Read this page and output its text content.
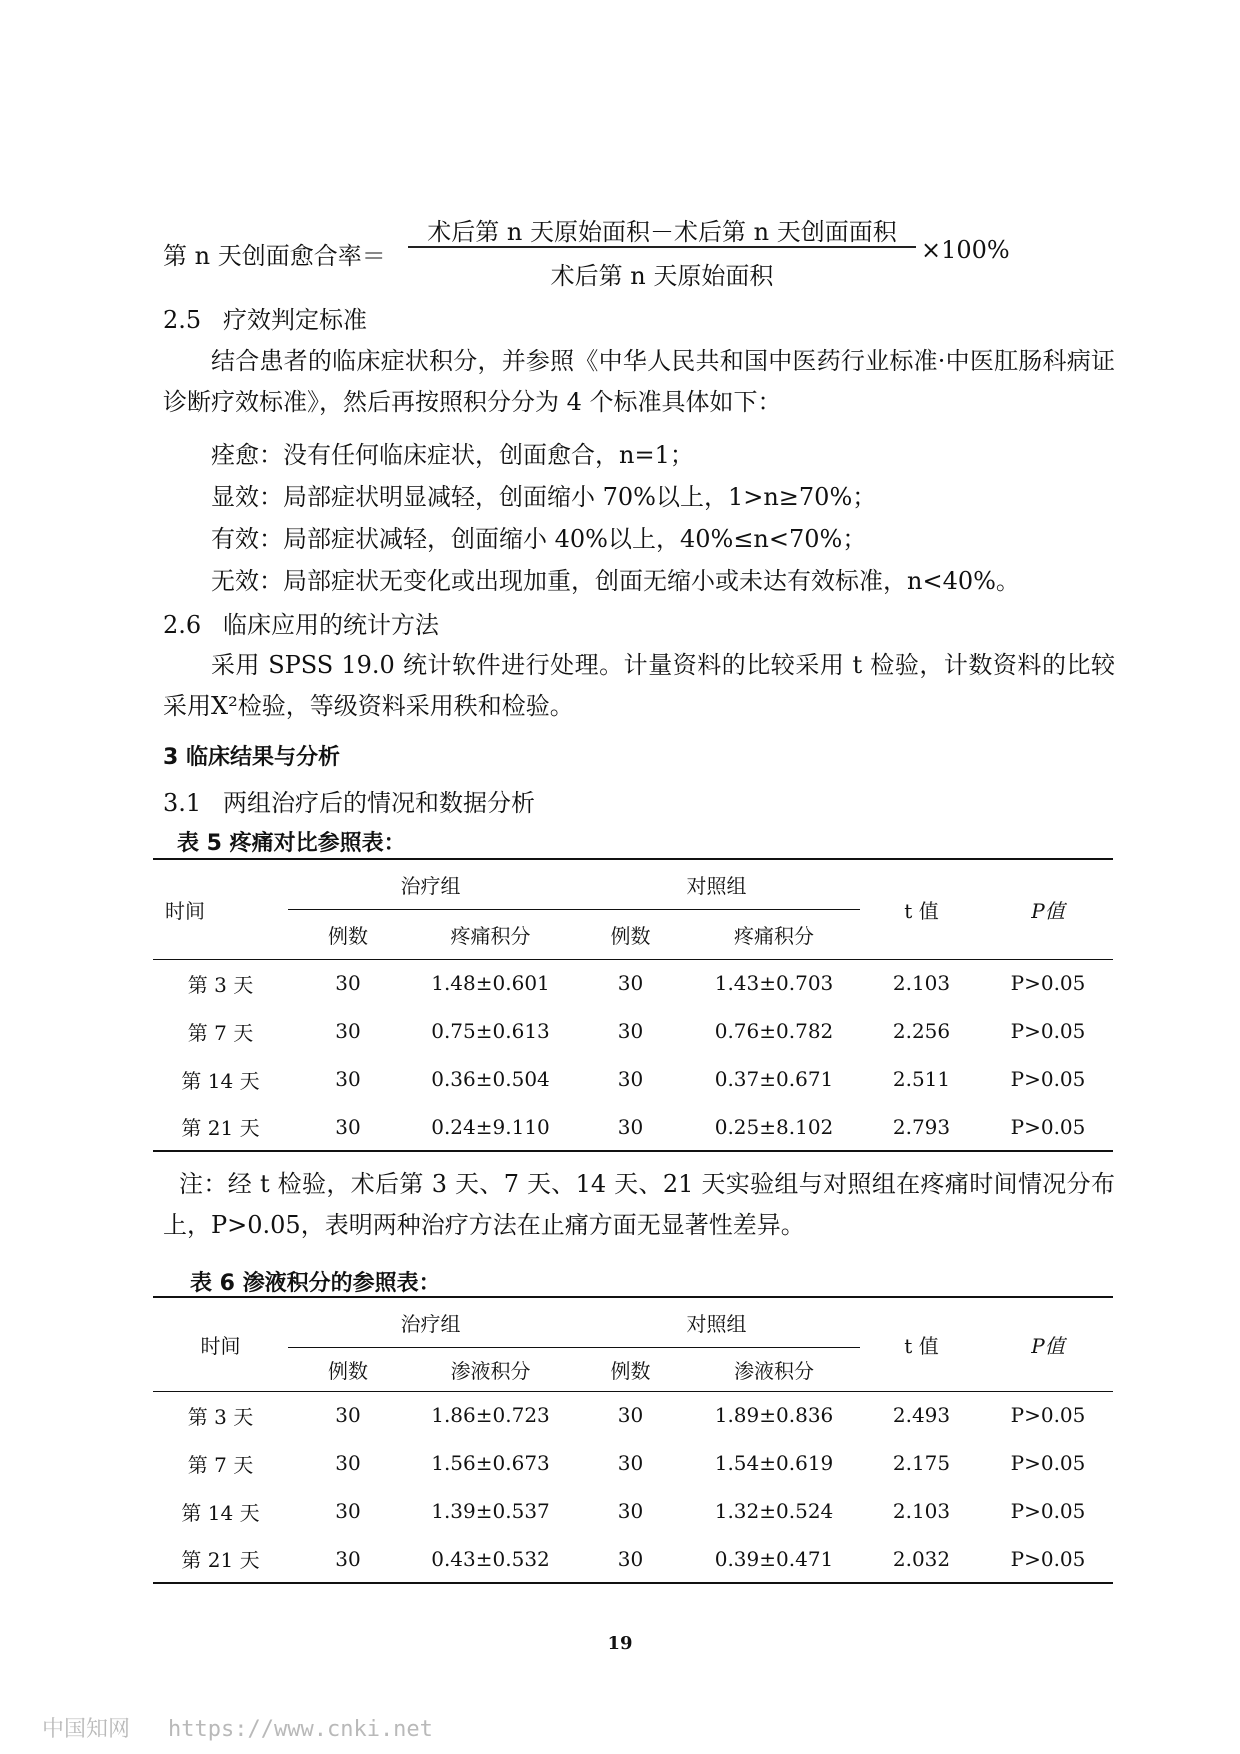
第 n 天创面愈合率＝
术后第 n 天原始面积－术后第 n 天创面面积
术后第 n 天原始面积
×100%
2.5 疗效判定标准
结合患者的临床症状积分，并参照《中华人民共和国中医药行业标准·中医肛肠科病证诊断疗效标准》，然后再按照积分分为 4 个标准具体如下：
痊愈：没有任何临床症状，创面愈合，n=1；
显效：局部症状明显减轻，创面缩小 70%以上，1>n≥70%；
有效：局部症状减轻，创面缩小 40%以上，40%≤n<70%；
无效：局部症状无变化或出现加重，创面无缩小或未达有效标准，n<40%。
2.6 临床应用的统计方法
采用 SPSS 19.0 统计软件进行处理。计量资料的比较采用 t 检验，计数资料的比较采用X²检验，等级资料采用秩和检验。
3 临床结果与分析
3.1 两组治疗后的情况和数据分析
表 5 疼痛对比参照表：
时间	治疗组		对照组		t 值	P值
	例数	疼痛积分	例数	疼痛积分		
第 3 天	30	1.48±0.601	30	1.43±0.703	2.103	P>0.05
第 7 天	30	0.75±0.613	30	0.76±0.782	2.256	P>0.05
第 14 天	30	0.36±0.504	30	0.37±0.671	2.511	P>0.05
第 21 天	30	0.24±9.110	30	0.25±8.102	2.793	P>0.05
注：经 t 检验，术后第 3 天、7 天、14 天、21 天实验组与对照组在疼痛时间情况分布上，P>0.05，表明两种治疗方法在止痛方面无显著性差异。
表 6 渗液积分的参照表：
时间	治疗组		对照组		t 值	P值
	例数	渗液积分	例数	渗液积分		
第 3 天	30	1.86±0.723	30	1.89±0.836	2.493	P>0.05
第 7 天	30	1.56±0.673	30	1.54±0.619	2.175	P>0.05
第 14 天	30	1.39±0.537	30	1.32±0.524	2.103	P>0.05
第 21 天	30	0.43±0.532	30	0.39±0.471	2.032	P>0.05
19
中国知网 https://www.cnki.net
